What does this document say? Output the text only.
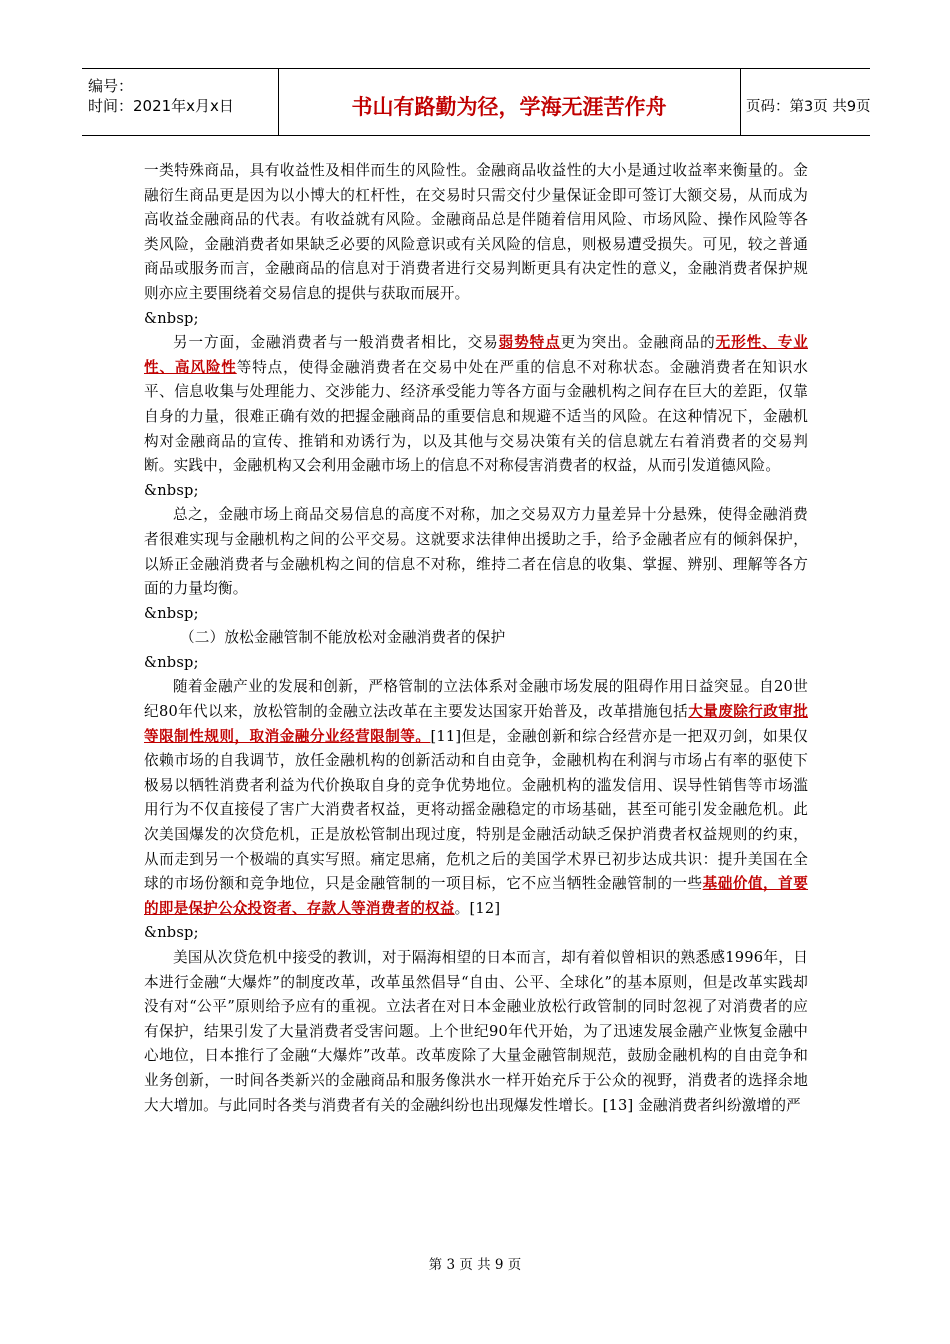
编号：
时间：2021年x月x日	书山有路勤为径，学海无涯苦作舟	页码：第3页 共9页

一类特殊商品，具有收益性及相伴而生的风险性。金融商品收益性的大小是通过收益率来衡量的。金融衍生商品更是因为以小博大的杠杆性，在交易时只需交付少量保证金即可签订大额交易，从而成为高收益金融商品的代表。有收益就有风险。金融商品总是伴随着信用风险、市场风险、操作风险等各类风险，金融消费者如果缺乏必要的风险意识或有关风险的信息，则极易遭受损失。可见，较之普通商品或服务而言，金融商品的信息对于消费者进行交易判断更具有决定性的意义，金融消费者保护规则亦应主要围绕着交易信息的提供与获取而展开。

&nbsp;

另一方面，金融消费者与一般消费者相比，交易弱势特点更为突出。金融商品的无形性、专业性、高风险性等特点，使得金融消费者在交易中处在严重的信息不对称状态。金融消费者在知识水平、信息收集与处理能力、交涉能力、经济承受能力等各方面与金融机构之间存在巨大的差距，仅靠自身的力量，很难正确有效的把握金融商品的重要信息和规避不适当的风险。在这种情况下，金融机构对金融商品的宣传、推销和劝诱行为，以及其他与交易决策有关的信息就左右着消费者的交易判断。实践中，金融机构又会利用金融市场上的信息不对称侵害消费者的权益，从而引发道德风险。

&nbsp;

总之，金融市场上商品交易信息的高度不对称，加之交易双方力量差异十分悬殊，使得金融消费者很难实现与金融机构之间的公平交易。这就要求法律伸出援助之手，给予金融者应有的倾斜保护，以矫正金融消费者与金融机构之间的信息不对称，维持二者在信息的收集、掌握、辨别、理解等各方面的力量均衡。

&nbsp;

（二）放松金融管制不能放松对金融消费者的保护

&nbsp;

随着金融产业的发展和创新，严格管制的立法体系对金融市场发展的阻碍作用日益突显。自20世纪80年代以来，放松管制的金融立法改革在主要发达国家开始普及，改革措施包括大量废除行政审批等限制性规则，取消金融分业经营限制等。[11]但是，金融创新和综合经营亦是一把双刃剑，如果仅依赖市场的自我调节，放任金融机构的创新活动和自由竞争，金融机构在利润与市场占有率的驱使下极易以牺牲消费者利益为代价换取自身的竞争优势地位。金融机构的滥发信用、误导性销售等市场滥用行为不仅直接侵了害广大消费者权益，更将动摇金融稳定的市场基础，甚至可能引发金融危机。此次美国爆发的次贷危机，正是放松管制出现过度，特别是金融活动缺乏保护消费者权益规则的约束，从而走到另一个极端的真实写照。痛定思痛，危机之后的美国学术界已初步达成共识：提升美国在全球的市场份额和竞争地位，只是金融管制的一项目标，它不应当牺牲金融管制的一些基础价值，首要的即是保护公众投资者、存款人等消费者的权益。[12]

&nbsp;

美国从次贷危机中接受的教训，对于隔海相望的日本而言，却有着似曾相识的熟悉感1996年，日本进行金融“大爆炸”的制度改革，改革虽然倡导“自由、公平、全球化”的基本原则，但是改革实践却没有对“公平”原则给予应有的重视。立法者在对日本金融业放松行政管制的同时忽视了对消费者的应有保护，结果引发了大量消费者受害问题。上个世纪90年代开始，为了迅速发展金融产业恢复金融中心地位，日本推行了金融“大爆炸”改革。改革废除了大量金融管制规范，鼓励金融机构的自由竞争和业务创新，一时间各类新兴的金融商品和服务像洪水一样开始充斥于公众的视野，消费者的选择余地大大增加。与此同时各类与消费者有关的金融纠纷也出现爆发性增长。[13] 金融消费者纠纷激增的严

第 3 页 共 9 页
